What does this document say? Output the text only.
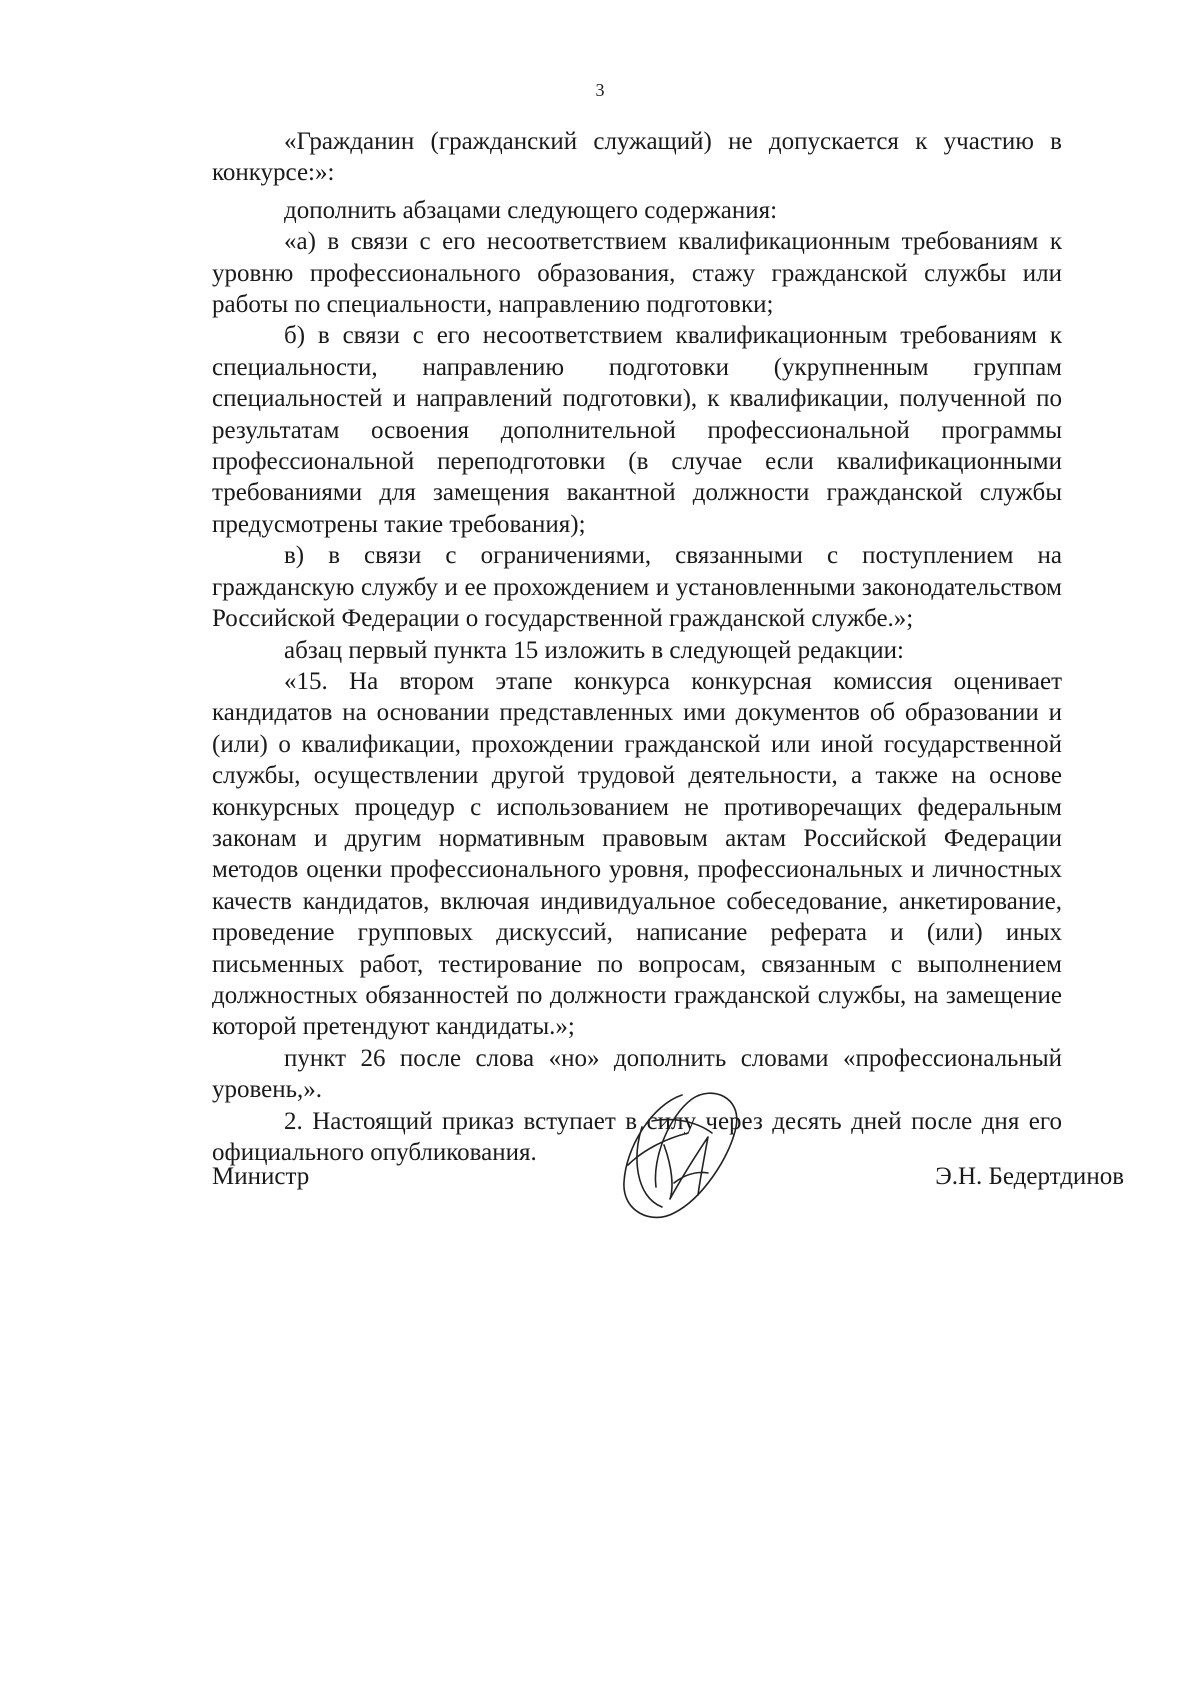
3

«Гражданин (гражданский служащий) не допускается к участию в конкурсе:»:

дополнить абзацами следующего содержания:

«а) в связи с его несоответствием квалификационным требованиям к уровню профессионального образования, стажу гражданской службы или работы по специальности, направлению подготовки;

б) в связи с его несоответствием квалификационным требованиям к специальности, направлению подготовки (укрупненным группам специальностей и направлений подготовки), к квалификации, полученной по результатам освоения дополнительной профессиональной программы профессиональной переподготовки (в случае если квалификационными требованиями для замещения вакантной должности гражданской службы предусмотрены такие требования);

в) в связи с ограничениями, связанными с поступлением на гражданскую службу и ее прохождением и установленными законодательством Российской Федерации о государственной гражданской службе.»;

абзац первый пункта 15 изложить в следующей редакции:

«15. На втором этапе конкурса конкурсная комиссия оценивает кандидатов на основании представленных ими документов об образовании и (или) о квалификации, прохождении гражданской или иной государственной службы, осуществлении другой трудовой деятельности, а также на основе конкурсных процедур с использованием не противоречащих федеральным законам и другим нормативным правовым актам Российской Федерации методов оценки профессионального уровня, профессиональных и личностных качеств кандидатов, включая индивидуальное собеседование, анкетирование, проведение групповых дискуссий, написание реферата и (или) иных письменных работ, тестирование по вопросам, связанным с выполнением должностных обязанностей по должности гражданской службы, на замещение которой претендуют кандидаты.»;

пункт 26 после слова «но» дополнить словами «профессиональный уровень,».

2. Настоящий приказ вступает в силу через десять дней после дня его официального опубликования.

Министр	Э.Н. Бедертдинов
